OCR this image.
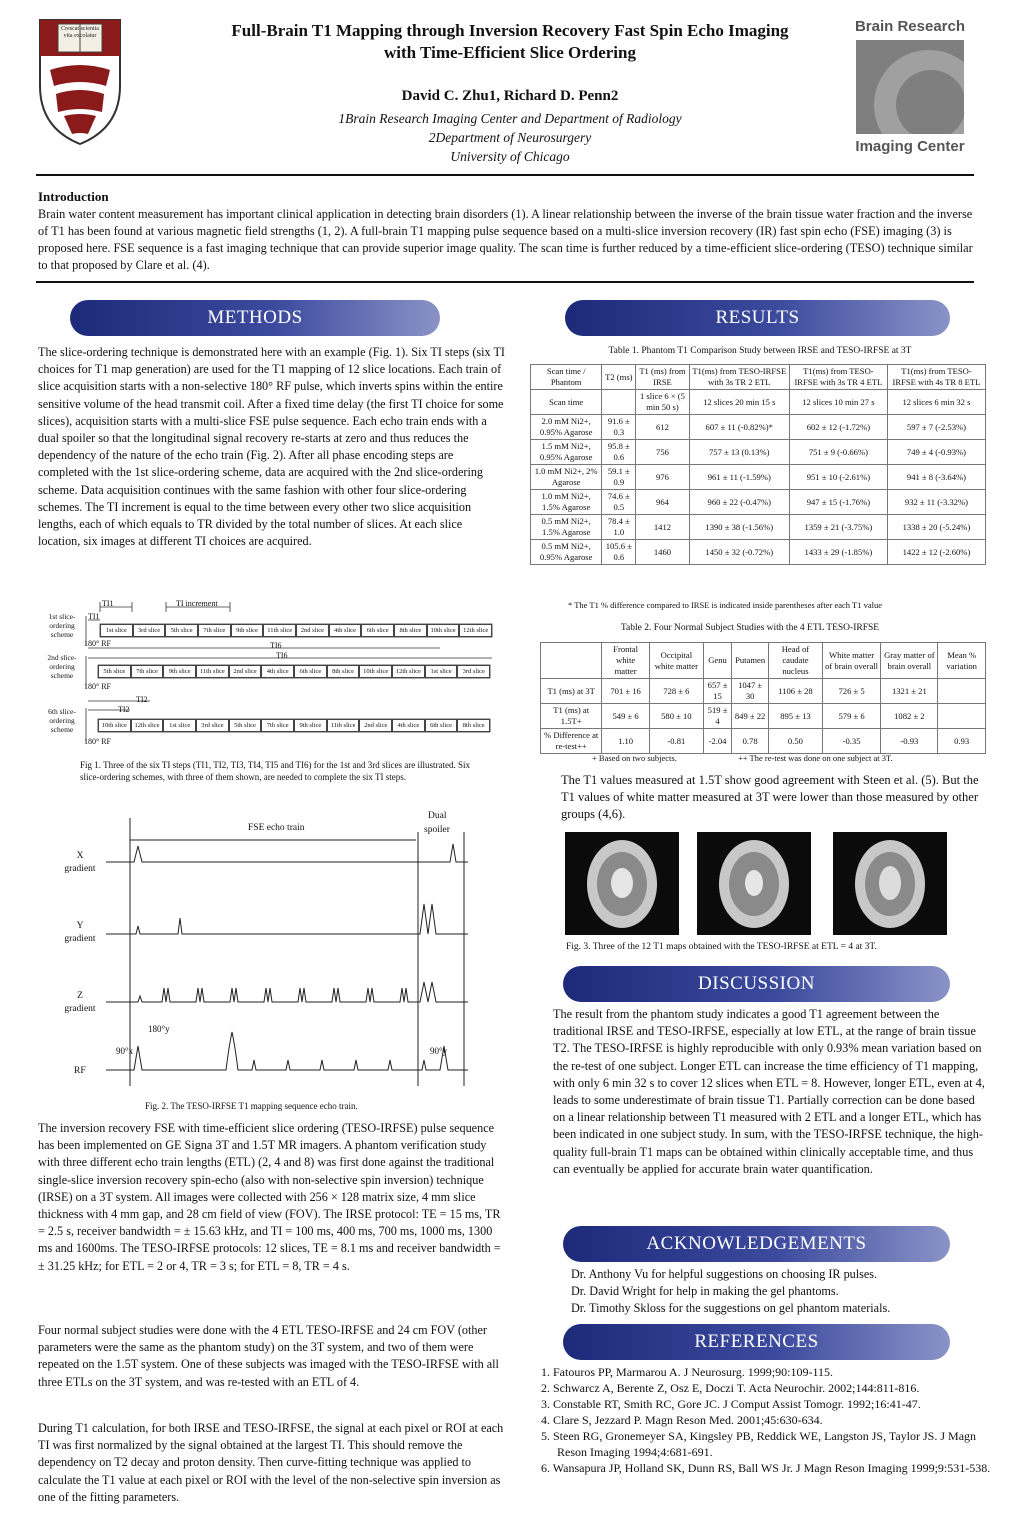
Crescat scientia vita excolatur	Full-Brain T1 Mapping through Inversion Recovery Fast Spin Echo Imaging
with Time-Efficient Slice Ordering
David C. Zhu1, Richard D. Penn2
1Brain Research Imaging Center and Department of Radiology
2Department of Neurosurgery
University of Chicago
Brain Research
Imaging Center
Introduction
Brain water content measurement has important clinical application in detecting brain disorders (1). A linear relationship between the inverse of the brain tissue water fraction and the inverse of T1 has been found at various magnetic field strengths (1, 2). A full-brain T1 mapping pulse sequence based on a multi-slice inversion recovery (IR) fast spin echo (FSE) imaging (3) is proposed here. FSE sequence is a fast imaging technique that can provide superior image quality. The scan time is further reduced by a time-efficient slice-ordering (TESO) technique similar to that proposed by Clare et al. (4).
METHODS
The slice-ordering technique is demonstrated here with an example (Fig. 1). Six TI steps (six TI choices for T1 map generation) are used for the T1 mapping of 12 slice locations. Each train of slice acquisition starts with a non-selective 180° RF pulse, which inverts spins within the entire sensitive volume of the head transmit coil. After a fixed time delay (the first TI choice for some slices), acquisition starts with a multi-slice FSE pulse sequence. Each echo train ends with a dual spoiler so that the longitudinal signal recovery re-starts at zero and thus reduces the dependency of the nature of the echo train (Fig. 2). After all phase encoding steps are completed with the 1st slice-ordering scheme, data are acquired with the 2nd slice-ordering scheme. Data acquisition continues with the same fashion with other four slice-ordering schemes. The TI increment is equal to the time between every other two slice acquisition lengths, each of which equals to TR divided by the total number of slices. At each slice location, six images at different TI choices are acquired.
TI1	TI increment
TI1
TI6
TI6
TI2
TI2
180° RF
180° RF
180° RF
1st slice-
ordering
scheme
2nd slice-
ordering
scheme
6th slice-
ordering
scheme
1st slice	3rd slice	5th slice	7th slice	9th slice	11th slice	2nd slice	4th slice	6th slice	8th slice	10th slice	12th slice
5th slice	7th slice	9th slice	11th slice	2nd slice	4th slice	6th slice	8th slice	10th slice	12th slice	1st slice	3rd slice
10th slice	12th slice	1st slice	3rd slice	5th slice	7th slice	9th slice	11th slice	2nd slice	4th slice	6th slice	8th slice
Fig 1. Three of the six TI steps (TI1, TI2, TI3, TI4, TI5 and TI6) for the 1st and 3rd slices are illustrated. Six slice-ordering schemes, with three of them shown, are needed to complete the six TI steps.
FSE echo train
Dual
spoiler
X
gradient
Y
gradient
Z
gradient
RF
180°y
90°x	90°y
Fig. 2. The TESO-IRFSE T1 mapping sequence echo train.
The inversion recovery FSE with time-efficient slice ordering (TESO-IRFSE) pulse sequence has been implemented on GE Signa 3T and 1.5T MR imagers. A phantom verification study with three different echo train lengths (ETL) (2, 4 and 8) was first done against the traditional single-slice inversion recovery spin-echo (also with non-selective spin inversion) technique (IRSE) on a 3T system. All images were collected with 256 × 128 matrix size, 4 mm slice thickness with 4 mm gap, and 28 cm field of view (FOV). The IRSE protocol: TE = 15 ms, TR = 2.5 s, receiver bandwidth = ± 15.63 kHz, and TI = 100 ms, 400 ms, 700 ms, 1000 ms, 1300 ms and 1600ms. The TESO-IRFSE protocols: 12 slices, TE = 8.1 ms and receiver bandwidth = ± 31.25 kHz; for ETL = 2 or 4, TR = 3 s; for ETL = 8, TR = 4 s.
Four normal subject studies were done with the 4 ETL TESO-IRFSE and 24 cm FOV (other parameters were the same as the phantom study) on the 3T system, and two of them were repeated on the 1.5T system. One of these subjects was imaged with the TESO-IRFSE with all three ETLs on the 3T system, and was re-tested with an ETL of 4.
During T1 calculation, for both IRSE and TESO-IRFSE, the signal at each pixel or ROI at each TI was first normalized by the signal obtained at the largest TI. This should remove the dependency on T2 decay and proton density. Then curve-fitting technique was applied to calculate the T1 value at each pixel or ROI with the level of the non-selective spin inversion as one of the fitting parameters.
RESULTS
Table 1. Phantom T1 Comparison Study between IRSE and TESO-IRFSE at 3T
Scan time / Phantom	T2 (ms)	T1 (ms) from IRSE	T1(ms) from TESO-IRFSE with 3s TR 2 ETL	T1(ms) from TESO-IRFSE with 3s TR 4 ETL	T1(ms) from TESO-IRFSE with 4s TR 8 ETL
Scan time		1 slice 6 × (5 min 50 s)	12 slices 20 min 15 s	12 slices 10 min 27 s	12 slices 6 min 32 s
2.0 mM Ni2+, 0.95% Agarose	91.6 ± 0.3	612	607 ± 11 (-0.82%)*	602 ± 12 (-1.72%)	597 ± 7 (-2.53%)
1.5 mM Ni2+, 0.95% Agarose	95.8 ± 0.6	756	757 ± 13 (0.13%)	751 ± 9 (-0.66%)	749 ± 4 (-0.93%)
1.0 mM Ni2+, 2% Agarose	59.1 ± 0.9	976	961 ± 11 (-1.59%)	951 ± 10 (-2.61%)	941 ± 8 (-3.64%)
1.0 mM Ni2+, 1.5% Agarose	74.6 ± 0.5	964	960 ± 22 (-0.47%)	947 ± 15 (-1.76%)	932 ± 11 (-3.32%)
0.5 mM Ni2+, 1.5% Agarose	78.4 ± 1.0	1412	1390 ± 38 (-1.56%)	1359 ± 21 (-3.75%)	1338 ± 20 (-5.24%)
0.5 mM Ni2+, 0.95% Agarose	105.6 ± 0.6	1460	1450 ± 32 (-0.72%)	1433 ± 29 (-1.85%)	1422 ± 12 (-2.60%)
* The T1 % difference compared to IRSE is indicated inside parentheses after each T1 value
Table 2. Four Normal Subject Studies with the 4 ETL TESO-IRFSE
	Frontal white matter	Occipital white matter	Genu	Putamen	Head of caudate nucleus	White matter of brain overall	Gray matter of brain overall	Mean % variation
T1 (ms) at 3T	701 ± 16	728 ± 6	657 ± 15	1047 ± 30	1106 ± 28	726 ± 5	1321 ± 21	
T1 (ms) at 1.5T+	549 ± 6	580 ± 10	519 ± 4	849 ± 22	895 ± 13	579 ± 6	1082 ± 2	
% Difference at re-test++	1.10	-0.81	-2.04	0.78	0.50	-0.35	-0.93	0.93
+ Based on two subjects.	++ The re-test was done on one subject at 3T.
The T1 values measured at 1.5T show good agreement with Steen et al. (5). But the T1 values of white matter measured at 3T were lower than those measured by other groups (4,6).
Fig. 3. Three of the 12 T1 maps obtained with the TESO-IRFSE at ETL = 4 at 3T.
DISCUSSION
The result from the phantom study indicates a good T1 agreement between the traditional IRSE and TESO-IRFSE, especially at low ETL, at the range of brain tissue T2. The TESO-IRFSE is highly reproducible with only 0.93% mean variation based on the re-test of one subject. Longer ETL can increase the time efficiency of T1 mapping, with only 6 min 32 s to cover 12 slices when ETL = 8. However, longer ETL, even at 4, leads to some underestimate of brain tissue T1. Partially correction can be done based on a linear relationship between T1 measured with 2 ETL and a longer ETL, which has been indicated in one subject study. In sum, with the TESO-IRFSE technique, the high-quality full-brain T1 maps can be obtained within clinically acceptable time, and thus can eventually be applied for accurate brain water quantification.
ACKNOWLEDGEMENTS
Dr. Anthony Vu for helpful suggestions on choosing IR pulses.
Dr. David Wright for help in making the gel phantoms.
Dr. Timothy Skloss for the suggestions on gel phantom materials.
REFERENCES
1. Fatouros PP, Marmarou A. J Neurosurg. 1999;90:109-115.
2. Schwarcz A, Berente Z, Osz E, Doczi T. Acta Neurochir. 2002;144:811-816.
3. Constable RT, Smith RC, Gore JC. J Comput Assist Tomogr. 1992;16:41-47.
4. Clare S, Jezzard P. Magn Reson Med. 2001;45:630-634.
5. Steen RG, Gronemeyer SA, Kingsley PB, Reddick WE, Langston JS, Taylor JS. J Magn Reson Imaging 1994;4:681-691.
6. Wansapura JP, Holland SK, Dunn RS, Ball WS Jr. J Magn Reson Imaging 1999;9:531-538.
